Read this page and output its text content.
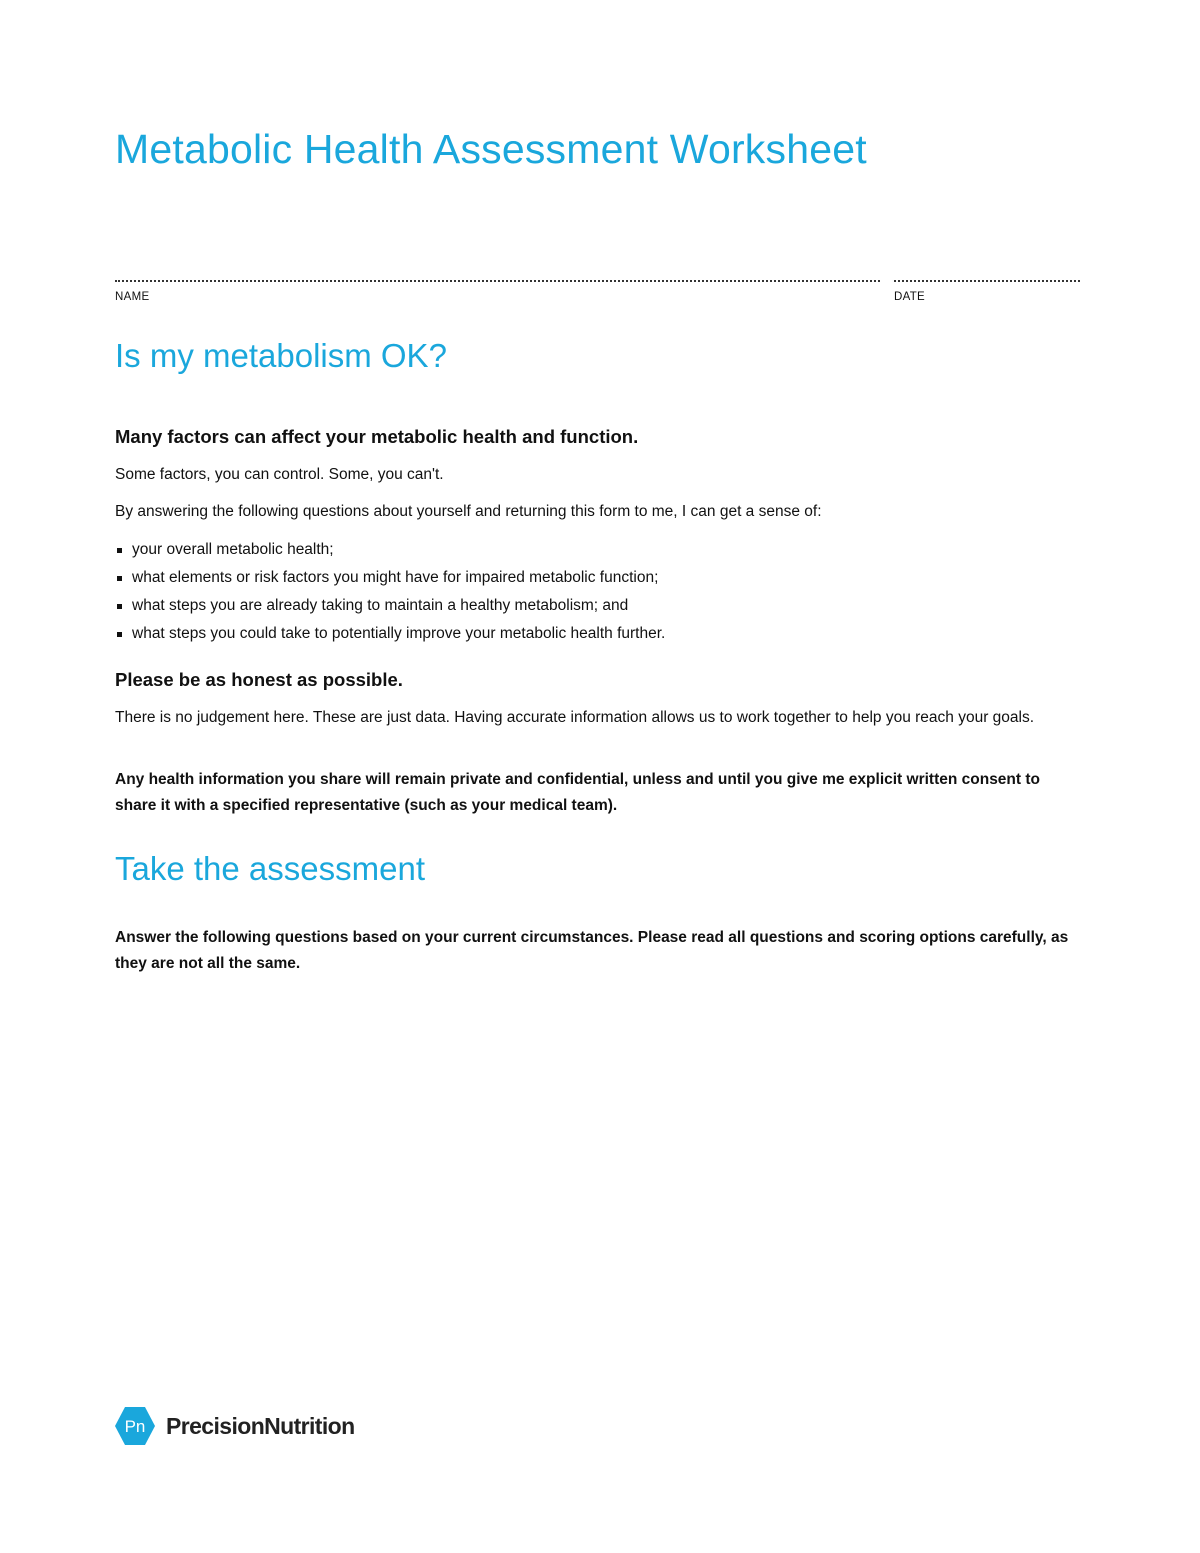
Metabolic Health Assessment Worksheet
NAME	DATE
Is my metabolism OK?
Many factors can affect your metabolic health and function.

Some factors, you can control. Some, you can't.

By answering the following questions about yourself and returning this form to me, I can get a sense of:

your overall metabolic health;
what elements or risk factors you might have for impaired metabolic function;
what steps you are already taking to maintain a healthy metabolism; and
what steps you could take to potentially improve your metabolic health further.
Please be as honest as possible.

There is no judgement here. These are just data. Having accurate information allows us to work together to help you reach your goals.

Any health information you share will remain private and confidential, unless and until you give me explicit written consent to share it with a specified representative (such as your medical team).

Take the assessment

Answer the following questions based on your current circumstances. Please read all questions and scoring options carefully, as they are not all the same.

Pn PrecisionNutrition
